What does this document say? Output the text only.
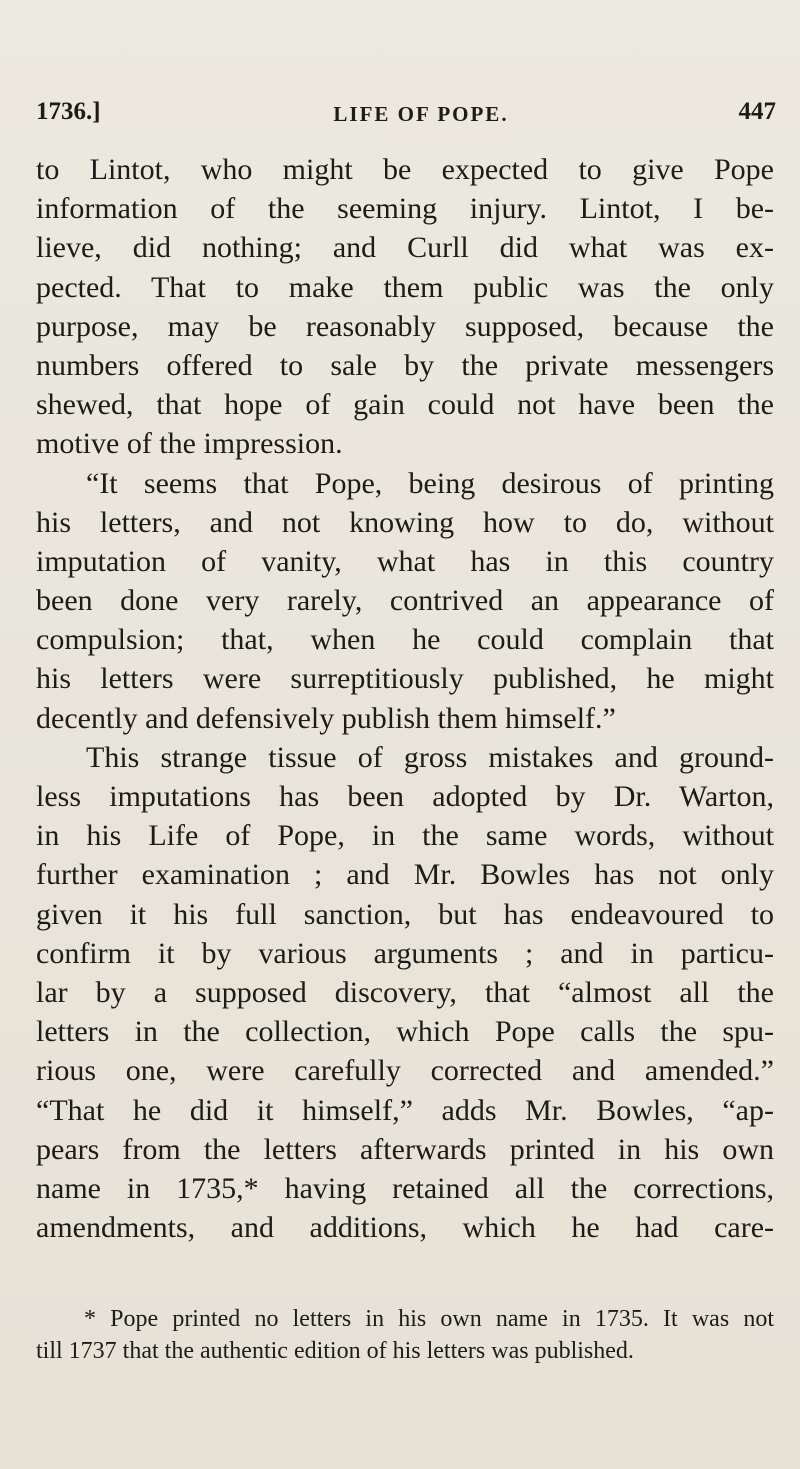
1736.]	LIFE OF POPE.	447
to Lintot, who might be expected to give Pope
information of the seeming injury. Lintot, I be-
lieve, did nothing; and Curll did what was ex-
pected. That to make them public was the only
purpose, may be reasonably supposed, because the
numbers offered to sale by the private messengers
shewed, that hope of gain could not have been the
motive of the impression.
“It seems that Pope, being desirous of printing
his letters, and not knowing how to do, without
imputation of vanity, what has in this country
been done very rarely, contrived an appearance of
compulsion; that, when he could complain that
his letters were surreptitiously published, he might
decently and defensively publish them himself.”
This strange tissue of gross mistakes and ground-
less imputations has been adopted by Dr. Warton,
in his Life of Pope, in the same words, without
further examination ; and Mr. Bowles has not only
given it his full sanction, but has endeavoured to
confirm it by various arguments ; and in particu-
lar by a supposed discovery, that “almost all the
letters in the collection, which Pope calls the spu-
rious one, were carefully corrected and amended.”
“That he did it himself,” adds Mr. Bowles, “ap-
pears from the letters afterwards printed in his own
name in 1735,* having retained all the corrections,
amendments, and additions, which he had care-
* Pope printed no letters in his own name in 1735. It was not
till 1737 that the authentic edition of his letters was published.
